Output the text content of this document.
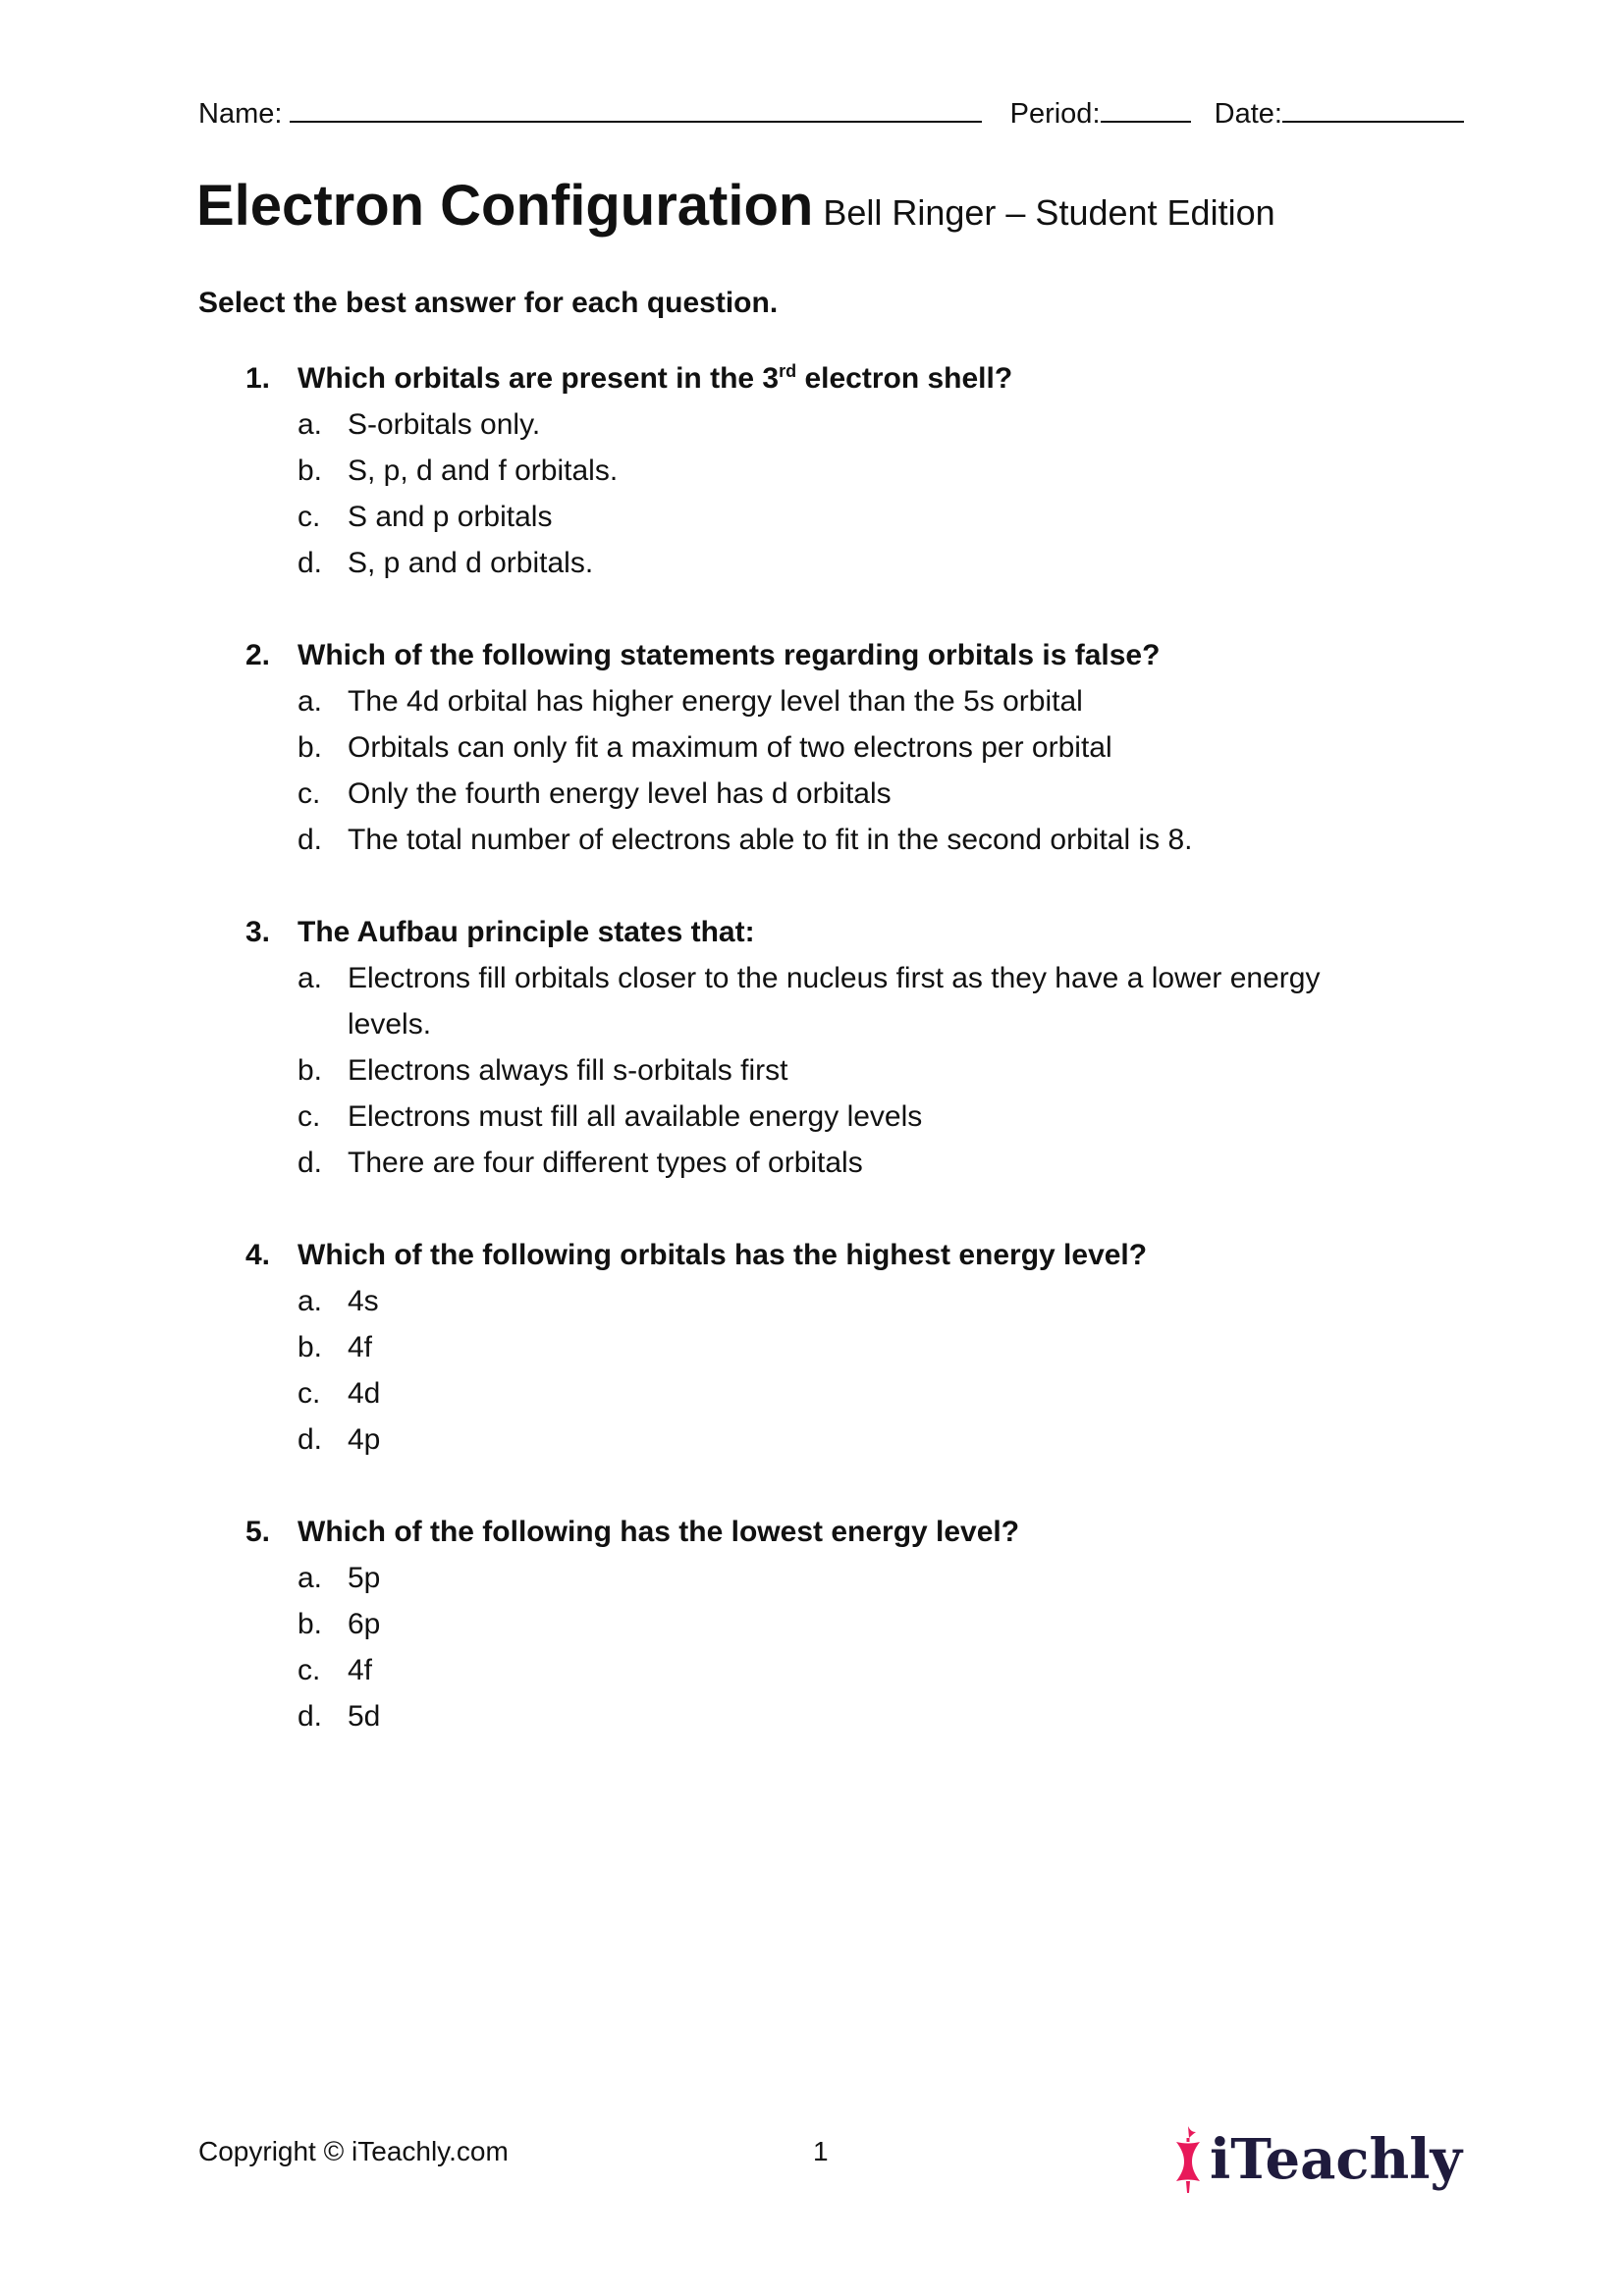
Name:	Period:	Date:
Electron Configuration Bell Ringer – Student Edition
Select the best answer for each question.
1. Which orbitals are present in the 3rd electron shell?
a. S-orbitals only.
b. S, p, d and f orbitals.
c. S and p orbitals
d. S, p and d orbitals.
2. Which of the following statements regarding orbitals is false?
a. The 4d orbital has higher energy level than the 5s orbital
b. Orbitals can only fit a maximum of two electrons per orbital
c. Only the fourth energy level has d orbitals
d. The total number of electrons able to fit in the second orbital is 8.
3. The Aufbau principle states that:
a. Electrons fill orbitals closer to the nucleus first as they have a lower energy levels.
b. Electrons always fill s-orbitals first
c. Electrons must fill all available energy levels
d. There are four different types of orbitals
4. Which of the following orbitals has the highest energy level?
a. 4s
b. 4f
c. 4d
d. 4p
5. Which of the following has the lowest energy level?
a. 5p
b. 6p
c. 4f
d. 5d
Copyright © iTeachly.com	1	iTeachly
